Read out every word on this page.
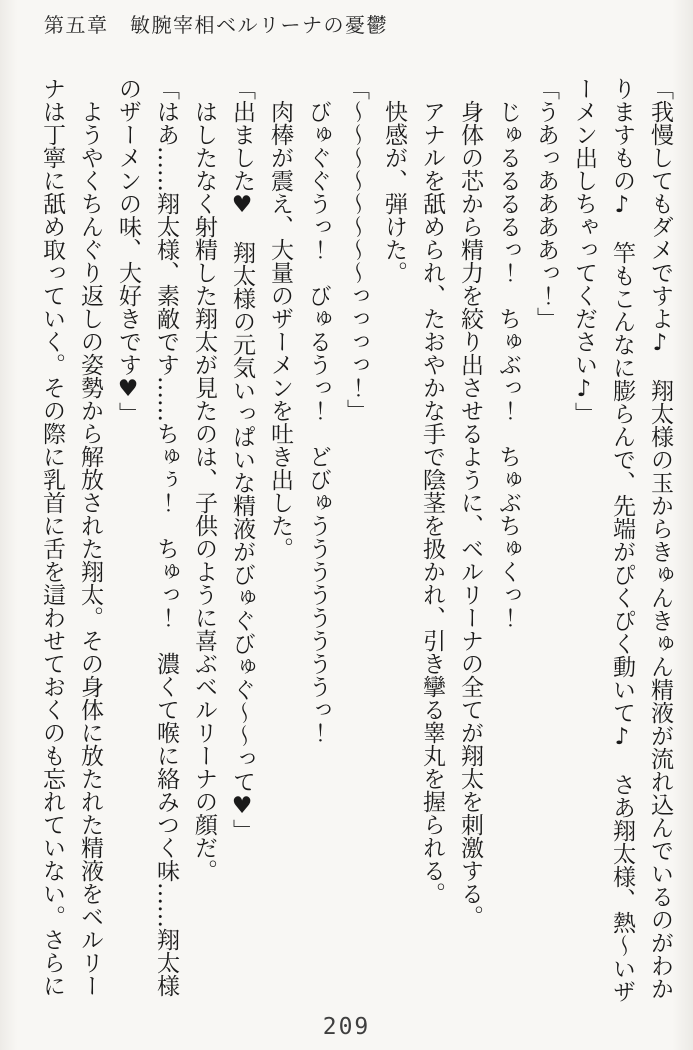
第五章　敏腕宰相ベルリーナの憂鬱

「我慢してもダメですよ♪　翔太様の玉からきゅんきゅん精液が流れ込んでいるのがわかりますもの♪　竿もこんなに膨らんで、先端がぴくぴく動いて♪　さあ翔太様、熱〜いザーメン出しちゃってください♪」

「うあっああああっ！」

じゅるるるるっ！　ちゅぶっ！　ちゅぶちゅくっ！

身体の芯から精力を絞り出させるように、ベルリーナの全てが翔太を刺激する。

アナルを舐められ、たおやかな手で陰茎を扱かれ、引き攣る睾丸を握られる。

快感が、弾けた。

「〜〜〜〜〜〜〜〜っっっっ！」

びゅぐぐうっ！　びゅるうっ！　どびゅううううううううっ！

肉棒が震え、大量のザーメンを吐き出した。

「出ました♥　翔太様の元気いっぱいな精液がびゅぐびゅぐ〜〜って♥」

はしたなく射精した翔太が見たのは、子供のように喜ぶベルリーナの顔だ。

「はあ……翔太様、素敵です……ちゅぅ！　ちゅっ！　濃くて喉に絡みつく味……翔太様のザーメンの味、大好きです♥」

ようやくちんぐり返しの姿勢から解放された翔太。その身体に放たれた精液をベルリーナは丁寧に舐め取っていく。その際に乳首に舌を這わせておくのも忘れていない。さらに

209
